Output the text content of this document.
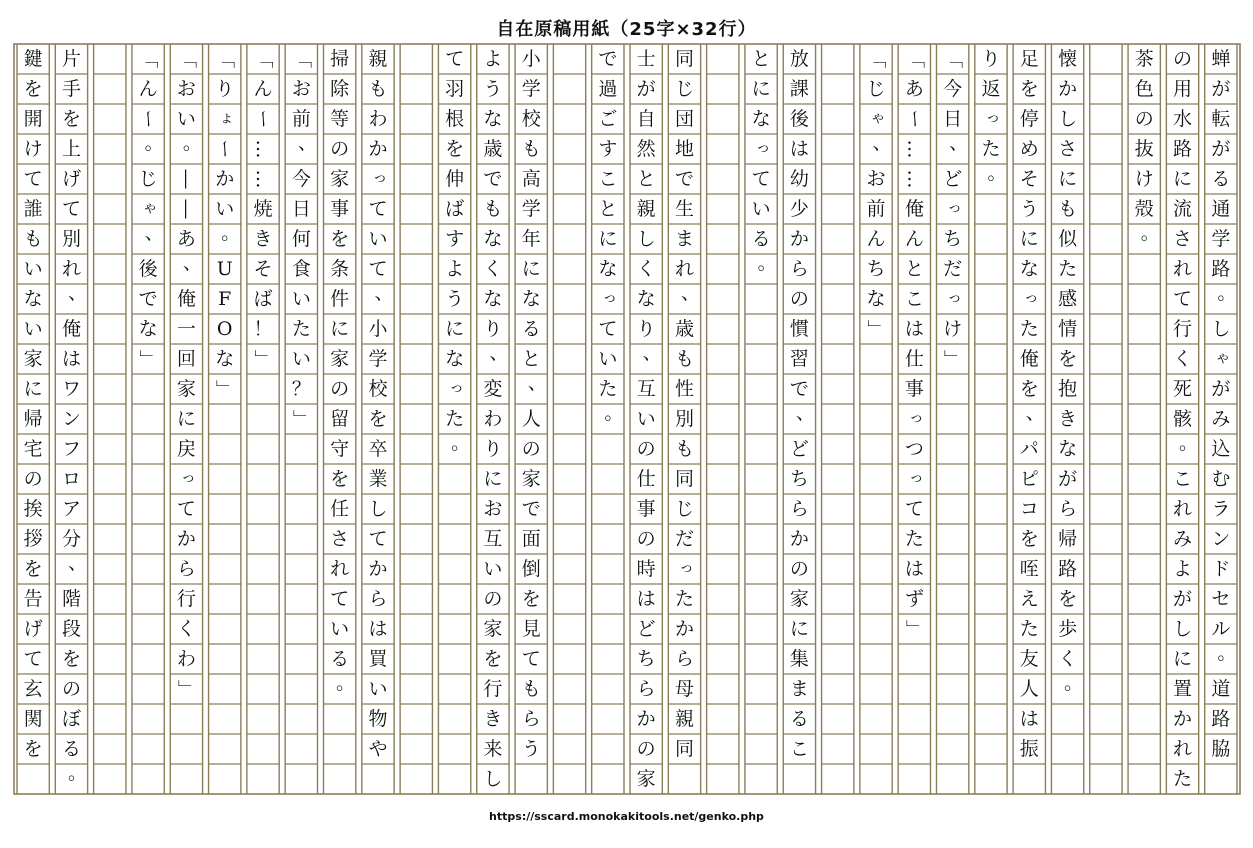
自在原稿用紙（25字×32行）
蝉
が
転
が
る
通
学
路
。
し
ゃ
が
み
込
む
ラ
ン
ド
セ
ル
。
道
路
脇
の
用
水
路
に
流
さ
れ
て
行
く
死
骸
。
こ
れ
み
よ
が
し
に
置
か
れ
た
茶
色
の
抜
け
殻
。
懐
か
し
さ
に
も
似
た
感
情
を
抱
き
な
が
ら
帰
路
を
歩
く
。
足
を
停
め
そ
う
に
な
っ
た
俺
を
、
パ
ピ
コ
を
咥
え
た
友
人
は
振
り
返
っ
た
。
「
今
日
、
ど
っ
ち
だ
っ
け
」
「
あ
ー
…
…
俺
ん
と
こ
は
仕
事
っ
つ
っ
て
た
は
ず
」
「
じ
ゃ
、
お
前
ん
ち
な
」
放
課
後
は
幼
少
か
ら
の
慣
習
で
、
ど
ち
ら
か
の
家
に
集
ま
る
こ
と
に
な
っ
て
い
る
。
同
じ
団
地
で
生
ま
れ
、
歳
も
性
別
も
同
じ
だ
っ
た
か
ら
母
親
同
士
が
自
然
と
親
し
く
な
り
、
互
い
の
仕
事
の
時
は
ど
ち
ら
か
の
家
で
過
ご
す
こ
と
に
な
っ
て
い
た
。
小
学
校
も
高
学
年
に
な
る
と
、
人
の
家
で
面
倒
を
見
て
も
ら
う
よ
う
な
歳
で
も
な
く
な
り
、
変
わ
り
に
お
互
い
の
家
を
行
き
来
し
て
羽
根
を
伸
ば
す
よ
う
に
な
っ
た
。
親
も
わ
か
っ
て
い
て
、
小
学
校
を
卒
業
し
て
か
ら
は
買
い
物
や
掃
除
等
の
家
事
を
条
件
に
家
の
留
守
を
任
さ
れ
て
い
る
。
「
お
前
、
今
日
何
食
い
た
い
？
」
「
ん
ー
…
…
焼
き
そ
ば
！
」
「
り
ょ
ー
か
い
。
U
F
O
な
」
「
お
い
。
―
―
あ
、
俺
一
回
家
に
戻
っ
て
か
ら
行
く
わ
」
「
ん
ー
。
じ
ゃ
、
後
で
な
」
片
手
を
上
げ
て
別
れ
、
俺
は
ワ
ン
フ
ロ
ア
分
、
階
段
を
の
ぼ
る
。
鍵
を
開
け
て
誰
も
い
な
い
家
に
帰
宅
の
挨
拶
を
告
げ
て
玄
関
を
https://sscard.monokakitools.net/genko.php
